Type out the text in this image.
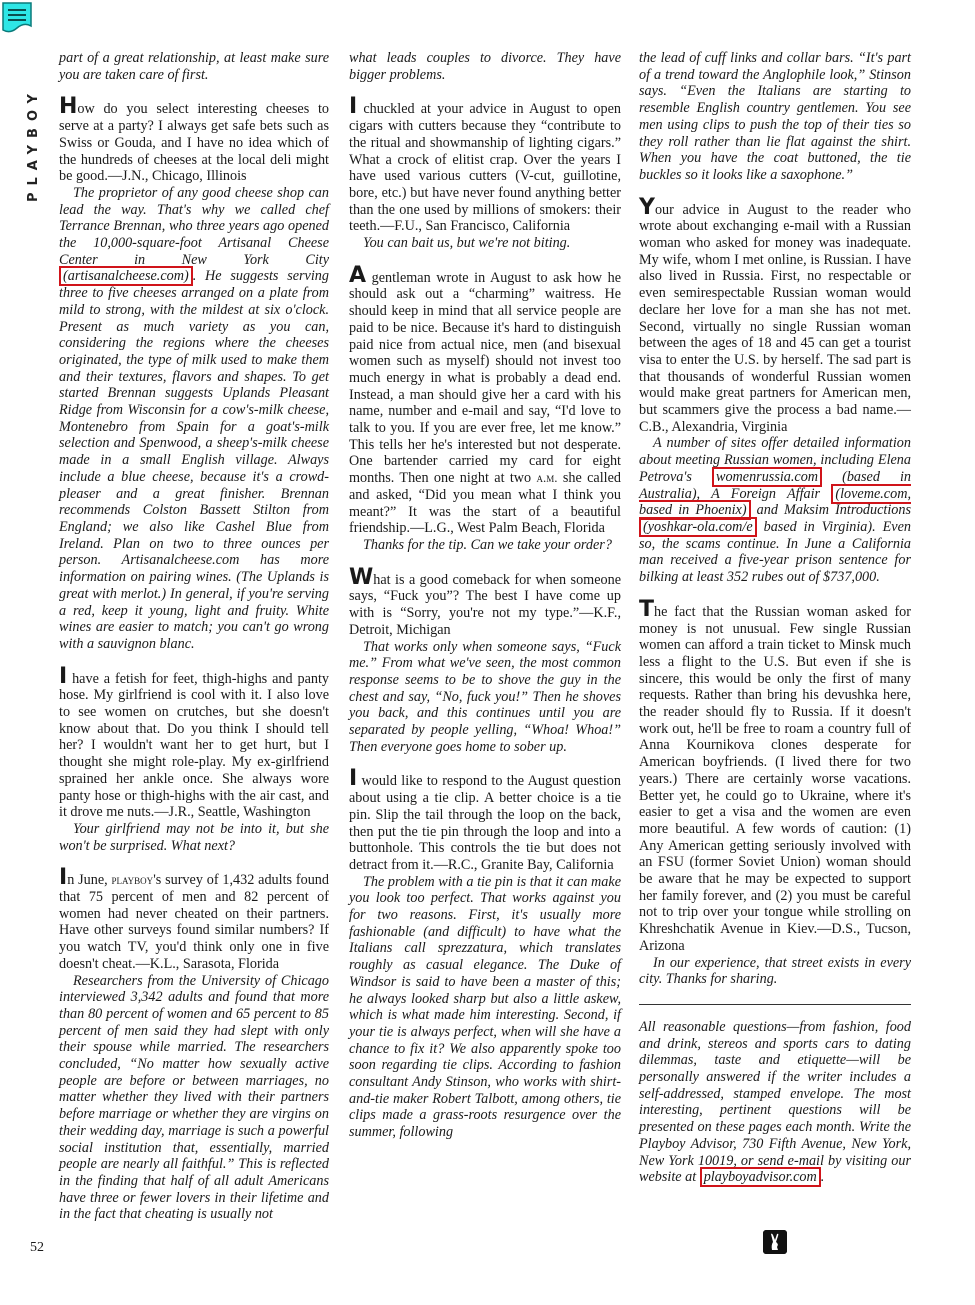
PLAYBOY

part of a great relationship, at least make sure you are taken care of first.

How do you select interesting cheeses to serve at a party? I always get safe bets such as Swiss or Gouda, and I have no idea which of the hundreds of cheeses at the local deli might be good.—J.N., Chicago, Illinois

The proprietor of any good cheese shop can lead the way. That's why we called chef Terrance Brennan, who three years ago opened the 10,000-square-foot Artisanal Cheese Center in New York City (artisanalcheese.com) . He suggests serving three to five cheeses arranged on a plate from mild to strong, with the mildest at six o'clock. Present as much variety as you can, considering the regions where the cheeses originated, the type of milk used to make them and their textures, flavors and shapes. To get started Brennan suggests Uplands Pleasant Ridge from Wisconsin for a cow's-milk cheese, Montenebro from Spain for a goat's-milk selection and Spenwood, a sheep's-milk cheese made in a small English village. Always include a blue cheese, because it's a crowd-pleaser and a great finisher. Brennan recommends Colston Bassett Stilton from England; we also like Cashel Blue from Ireland. Plan on two to three ounces per person. Artisanalcheese.com has more information on pairing wines. (The Uplands is great with merlot.) In general, if you're serving a red, keep it young, light and fruity. White wines are easier to match; you can't go wrong with a sauvignon blanc.

I have a fetish for feet, thigh-highs and panty hose. My girlfriend is cool with it. I also love to see women on crutches, but she doesn't know about that. Do you think I should tell her? I wouldn't want her to get hurt, but I thought she might role-play. My ex-girlfriend sprained her ankle once. She always wore panty hose or thigh-highs with the air cast, and it drove me nuts.—J.R., Seattle, Washington

Your girlfriend may not be into it, but she won't be surprised. What next?

In June, playboy's survey of 1,432 adults found that 75 percent of men and 82 percent of women had never cheated on their partners. Have other surveys found similar numbers? If you watch TV, you'd think only one in five doesn't cheat.—K.L., Sarasota, Florida

Researchers from the University of Chicago interviewed 3,342 adults and found that more than 80 percent of women and 65 percent to 85 percent of men said they had slept with only their spouse while married. The researchers concluded, “No matter how sexually active people are before or between marriages, no matter whether they lived with their partners before marriage or whether they are virgins on their wedding day, marriage is such a powerful social institution that, essentially, married people are nearly all faithful.” This is reflected in the finding that half of all adult Americans have three or fewer lovers in their lifetime and in the fact that cheating is usually not

what leads couples to divorce. They have bigger problems.

I chuckled at your advice in August to open cigars with cutters because they “contribute to the ritual and showmanship of lighting cigars.” What a crock of elitist crap. Over the years I have used various cutters (V-cut, guillotine, bore, etc.) but have never found anything better than the one used by millions of smokers: their teeth.—F.U., San Francisco, California

You can bait us, but we're not biting.

A gentleman wrote in August to ask how he should ask out a “charming” waitress. He should keep in mind that all service people are paid to be nice. Because it's hard to distinguish paid nice from actual nice, men (and bisexual women such as myself) should not invest too much energy in what is probably a dead end. Instead, a man should give her a card with his name, number and e-mail and say, “I'd love to talk to you. If you are ever free, let me know.” This tells her he's interested but not desperate. One bartender carried my card for eight months. Then one night at two a.m. she called and asked, “Did you mean what I think you meant?” It was the start of a beautiful friendship.—L.G., West Palm Beach, Florida

Thanks for the tip. Can we take your order?

What is a good comeback for when someone says, “Fuck you”? The best I have come up with is “Sorry, you're not my type.”—K.F., Detroit, Michigan

That works only when someone says, “Fuck me.” From what we've seen, the most common response seems to be to shove the guy in the chest and say, “No, fuck you!” Then he shoves you back, and this continues until you are separated by people yelling, “Whoa! Whoa!” Then everyone goes home to sober up.

I would like to respond to the August question about using a tie clip. A better choice is a tie pin. Slip the tail through the loop on the back, then put the tie pin through the loop and into a buttonhole. This controls the tie but does not detract from it.—R.C., Granite Bay, California

The problem with a tie pin is that it can make you look too perfect. That works against you for two reasons. First, it's usually more fashionable (and difficult) to have what the Italians call sprezzatura, which translates roughly as casual elegance. The Duke of Windsor is said to have been a master of this; he always looked sharp but also a little askew, which is what made him interesting. Second, if your tie is always perfect, when will she have a chance to fix it? We also apparently spoke too soon regarding tie clips. According to fashion consultant Andy Stinson, who works with shirt-and-tie maker Robert Talbott, among others, tie clips made a grass-roots resurgence over the summer, following

the lead of cuff links and collar bars. “It's part of a trend toward the Anglophile look,” Stinson says. “Even the Italians are starting to resemble English country gentlemen. You see men using clips to push the top of their ties so they roll rather than lie flat against the shirt. When you have the coat buttoned, the tie buckles so it looks like a saxophone.”

Your advice in August to the reader who wrote about exchanging e-mail with a Russian woman who asked for money was inadequate. My wife, whom I met online, is Russian. I have also lived in Russia. First, no respectable or even semirespectable Russian woman would declare her love for a man she has not met. Second, virtually no single Russian woman between the ages of 18 and 45 can get a tourist visa to enter the U.S. by herself. The sad part is that thousands of wonderful Russian women would make great partners for American men, but scammers give the process a bad name.—C.B., Alexandria, Virginia

A number of sites offer detailed information about meeting Russian women, including Elena Petrova's womenrussia.com (based in Australia), A Foreign Affair (loveme.com, based in Phoenix) and Maksim Introductions (yoshkar-ola.com/e based in Virginia). Even so, the scams continue. In June a California man received a five-year prison sentence for bilking at least 352 rubes out of $737,000.

The fact that the Russian woman asked for money is not unusual. Few single Russian women can afford a train ticket to Minsk much less a flight to the U.S. But even if she is sincere, this would be only the first of many requests. Rather than bring his devushka here, the reader should fly to Russia. If it doesn't work out, he'll be free to roam a country full of Anna Kournikova clones desperate for American boyfriends. (I lived there for two years.) There are certainly worse vacations. Better yet, he could go to Ukraine, where it's easier to get a visa and the women are even more beautiful. A few words of caution: (1) Any American getting seriously involved with an FSU (former Soviet Union) woman should be aware that he may be expected to support her family forever, and (2) you must be careful not to trip over your tongue while strolling on Khreshchatik Avenue in Kiev.—D.S., Tucson, Arizona

In our experience, that street exists in every city. Thanks for sharing.

All reasonable questions—from fashion, food and drink, stereos and sports cars to dating dilemmas, taste and etiquette—will be personally answered if the writer includes a self-addressed, stamped envelope. The most interesting, pertinent questions will be presented on these pages each month. Write the Playboy Advisor, 730 Fifth Avenue, New York, New York 10019, or send e-mail by visiting our website at playboyadvisor.com .

52
